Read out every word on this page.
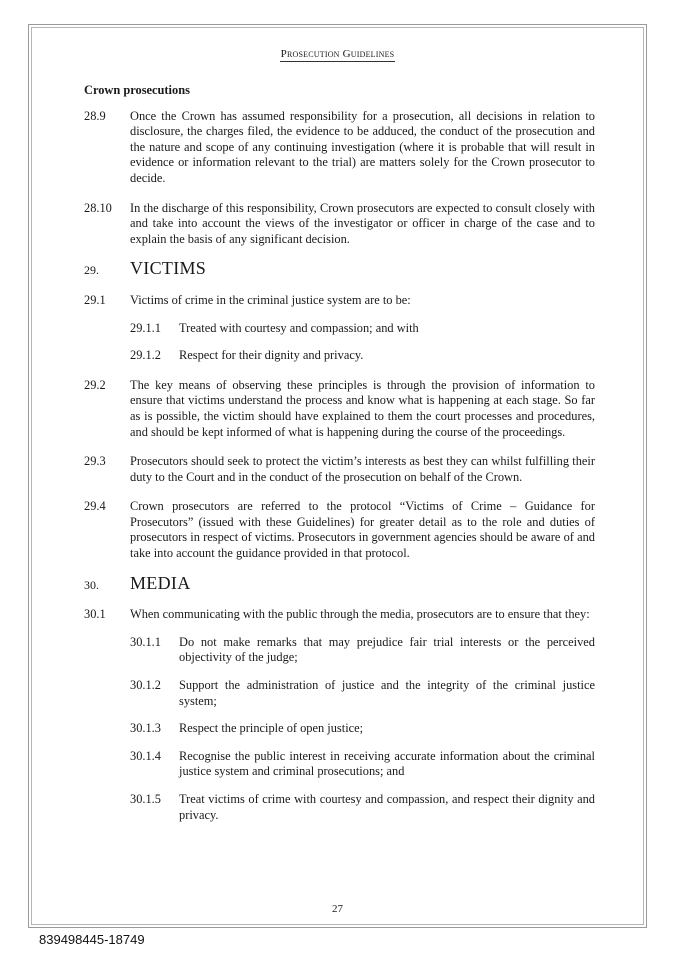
Prosecution Guidelines
Crown prosecutions
28.9	Once the Crown has assumed responsibility for a prosecution, all decisions in relation to disclosure, the charges filed, the evidence to be adduced, the conduct of the prosecution and the nature and scope of any continuing investigation (where it is probable that will result in evidence or information relevant to the trial) are matters solely for the Crown prosecutor to decide.
28.10	In the discharge of this responsibility, Crown prosecutors are expected to consult closely with and take into account the views of the investigator or officer in charge of the case and to explain the basis of any significant decision.
29.	VICTIMS
29.1	Victims of crime in the criminal justice system are to be:
29.1.1	Treated with courtesy and compassion; and with
29.1.2	Respect for their dignity and privacy.
29.2	The key means of observing these principles is through the provision of information to ensure that victims understand the process and know what is happening at each stage. So far as is possible, the victim should have explained to them the court processes and procedures, and should be kept informed of what is happening during the course of the proceedings.
29.3	Prosecutors should seek to protect the victim’s interests as best they can whilst fulfilling their duty to the Court and in the conduct of the prosecution on behalf of the Crown.
29.4	Crown prosecutors are referred to the protocol “Victims of Crime – Guidance for Prosecutors” (issued with these Guidelines) for greater detail as to the role and duties of prosecutors in respect of victims. Prosecutors in government agencies should be aware of and take into account the guidance provided in that protocol.
30.	MEDIA
30.1	When communicating with the public through the media, prosecutors are to ensure that they:
30.1.1	Do not make remarks that may prejudice fair trial interests or the perceived objectivity of the judge;
30.1.2	Support the administration of justice and the integrity of the criminal justice system;
30.1.3	Respect the principle of open justice;
30.1.4	Recognise the public interest in receiving accurate information about the criminal justice system and criminal prosecutions; and
30.1.5	Treat victims of crime with courtesy and compassion, and respect their dignity and privacy.
27
839498445-18749
